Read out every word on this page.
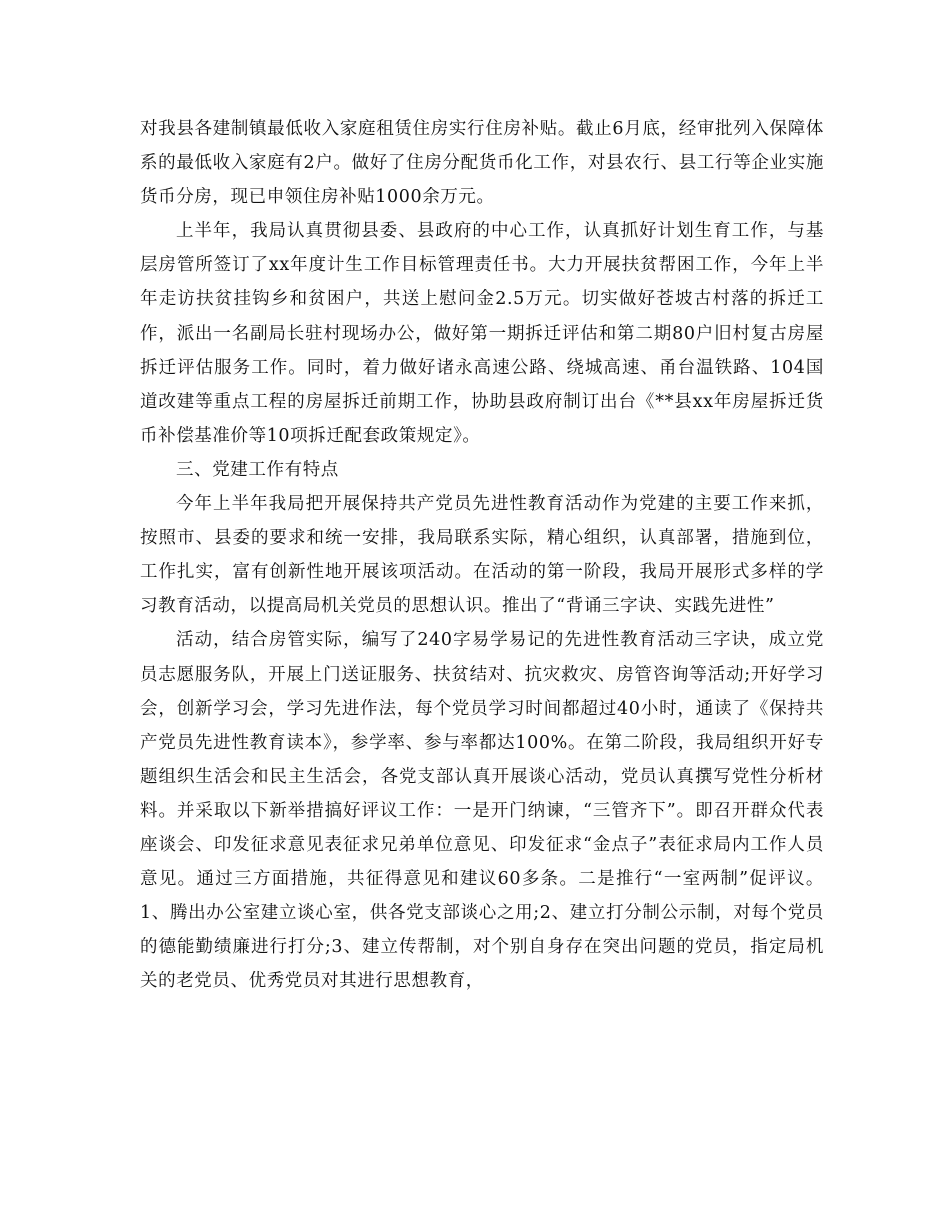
对我县各建制镇最低收入家庭租赁住房实行住房补贴。截止6月底，经审批列入保障体系的最低收入家庭有2户。做好了住房分配货币化工作，对县农行、县工行等企业实施货币分房，现已申领住房补贴1000余万元。

上半年，我局认真贯彻县委、县政府的中心工作，认真抓好计划生育工作，与基层房管所签订了xx年度计生工作目标管理责任书。大力开展扶贫帮困工作，今年上半年走访扶贫挂钩乡和贫困户，共送上慰问金2.5万元。切实做好苍坡古村落的拆迁工作，派出一名副局长驻村现场办公，做好第一期拆迁评估和第二期80户旧村复古房屋拆迁评估服务工作。同时，着力做好诸永高速公路、绕城高速、甬台温铁路、104国道改建等重点工程的房屋拆迁前期工作，协助县政府制订出台《**县xx年房屋拆迁货币补偿基准价等10项拆迁配套政策规定》。

三、党建工作有特点

今年上半年我局把开展保持共产党员先进性教育活动作为党建的主要工作来抓，按照市、县委的要求和统一安排，我局联系实际，精心组织，认真部署，措施到位，工作扎实，富有创新性地开展该项活动。在活动的第一阶段，我局开展形式多样的学习教育活动，以提高局机关党员的思想认识。推出了“背诵三字诀、实践先进性”

活动，结合房管实际，编写了240字易学易记的先进性教育活动三字诀，成立党员志愿服务队，开展上门送证服务、扶贫结对、抗灾救灾、房管咨询等活动;开好学习会，创新学习会，学习先进作法，每个党员学习时间都超过40小时，通读了《保持共产党员先进性教育读本》，参学率、参与率都达100%。在第二阶段，我局组织开好专题组织生活会和民主生活会，各党支部认真开展谈心活动，党员认真撰写党性分析材料。并采取以下新举措搞好评议工作：一是开门纳谏，“三管齐下”。即召开群众代表座谈会、印发征求意见表征求兄弟单位意见、印发征求“金点子”表征求局内工作人员意见。通过三方面措施，共征得意见和建议60多条。二是推行“一室两制”促评议。1、腾出办公室建立谈心室，供各党支部谈心之用;2、建立打分制公示制，对每个党员的德能勤绩廉进行打分;3、建立传帮制，对个别自身存在突出问题的党员，指定局机关的老党员、优秀党员对其进行思想教育，
